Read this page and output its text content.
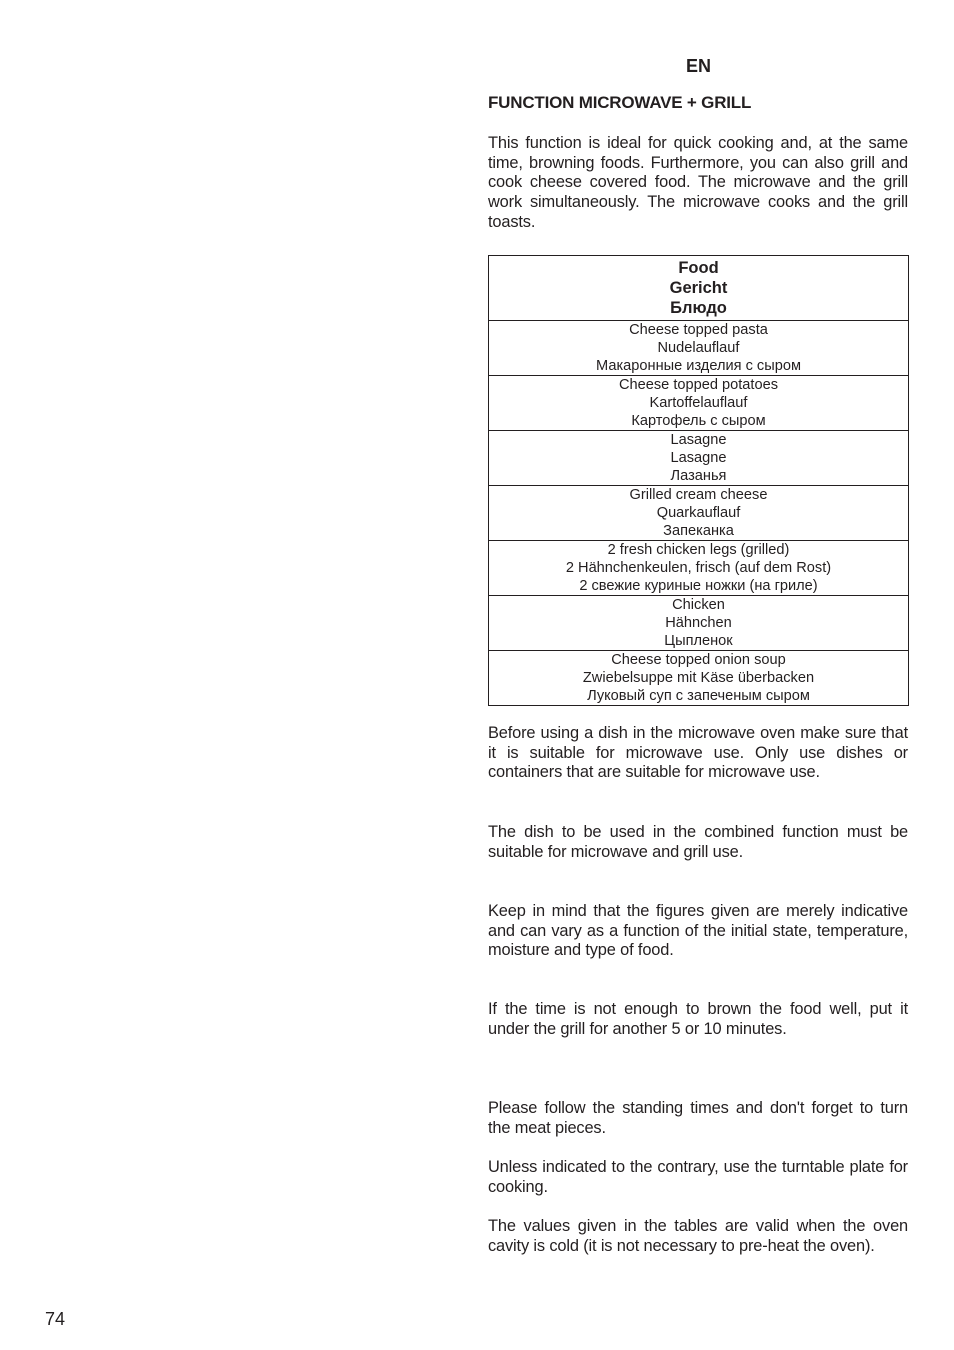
EN
FUNCTION MICROWAVE + GRILL

This function is ideal for quick cooking and, at the same time, browning foods. Furthermore, you can also grill and cook cheese covered food. The microwave and the grill work simultaneously. The microwave cooks and the grill toasts.

Food
Gericht
Блюдо

Cheese topped pasta
Nudelauflauf
Макаронные изделия с сыром

Cheese topped potatoes
Kartoffelauflauf
Картофель с сыром

Lasagne
Lasagne
Лазанья

Grilled cream cheese
Quarkauflauf
Запеканка

2 fresh chicken legs (grilled)
2 Hähnchenkeulen, frisch (auf dem Rost)
2 свежие куриные ножки (на гриле)

Chicken
Hähnchen
Цыпленок

Cheese topped onion soup
Zwiebelsuppe mit Käse überbacken
Луковый суп с запеченым сыром

Before using a dish in the microwave oven make sure that it is suitable for microwave use. Only use dishes or containers that are suitable for microwave use.

The dish to be used in the combined function must be suitable for microwave and grill use.

Keep in mind that the figures given are merely indicative and can vary as a function of the initial state, temperature, moisture and type of food.

If the time is not enough to brown the food well, put it under the grill for another 5 or 10 minutes.

Please follow the standing times and don't forget to turn the meat pieces.

Unless indicated to the contrary, use the turntable plate for cooking.

The values given in the tables are valid when the oven cavity is cold (it is not necessary to pre-heat the oven).

74
